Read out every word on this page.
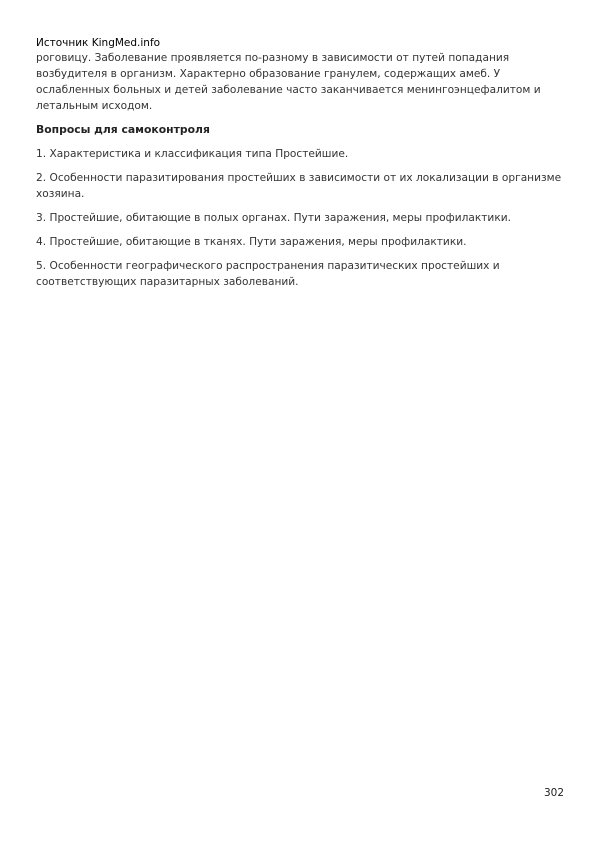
Источник KingMed.info

роговицу. Заболевание проявляется по-разному в зависимости от путей попадания возбудителя в организм. Характерно образование гранулем, содержащих амеб. У ослабленных больных и детей заболевание часто заканчивается менингоэнцефалитом и летальным исходом.

Вопросы для самоконтроля

1. Характеристика и классификация типа Простейшие.

2. Особенности паразитирования простейших в зависимости от их локализации в организме хозяина.

3. Простейшие, обитающие в полых органах. Пути заражения, меры профилактики.

4. Простейшие, обитающие в тканях. Пути заражения, меры профилактики.

5. Особенности географического распространения паразитических простейших и соответствующих паразитарных заболеваний.

302
